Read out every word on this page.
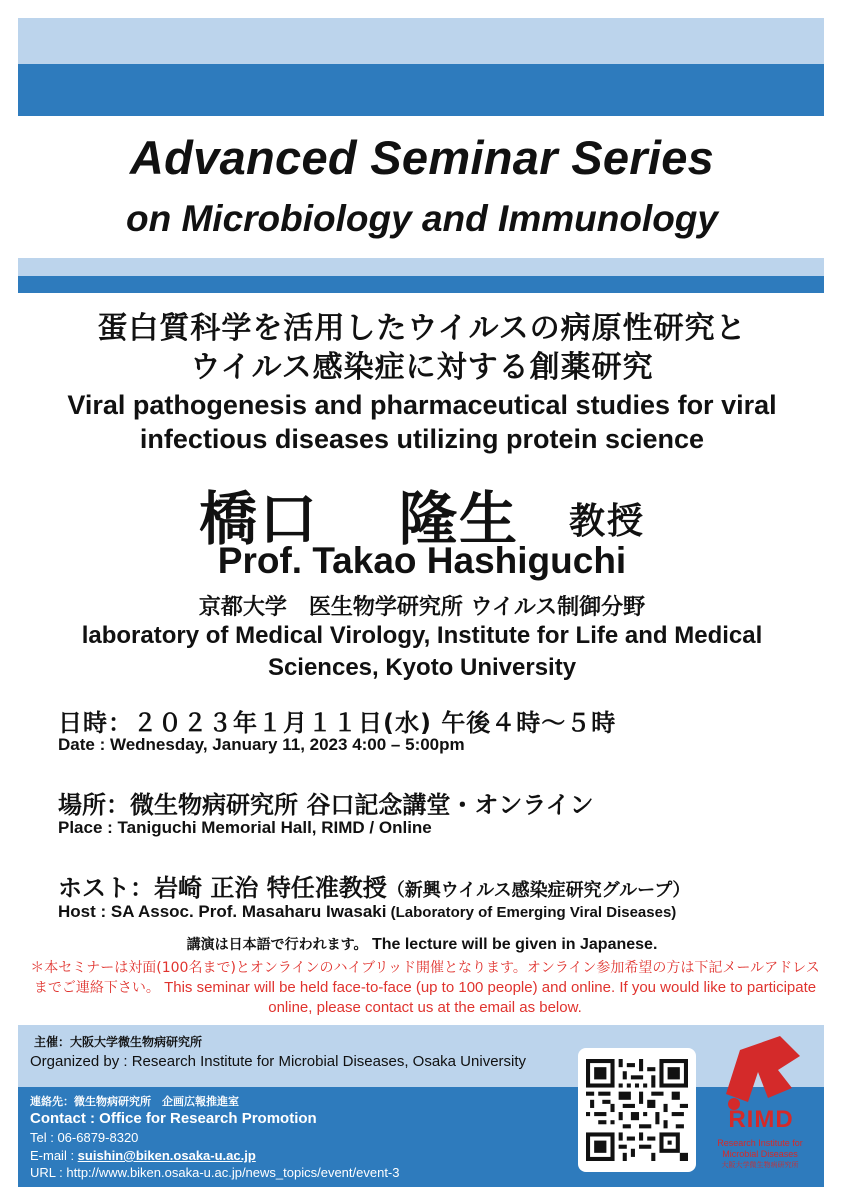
Advanced Seminar Series
on Microbiology and Immunology
蛋白質科学を活用したウイルスの病原性研究と
ウイルス感染症に対する創薬研究
Viral pathogenesis and pharmaceutical studies for viral
infectious diseases utilizing protein science
橋口 隆生 教授
Prof. Takao Hashiguchi
京都大学　医生物学研究所 ウイルス制御分野
laboratory of Medical Virology, Institute for Life and Medical
Sciences, Kyoto University
日時：２０２３年１月１１日(水) 午後４時～５時
Date : Wednesday, January 11, 2023 4:00 – 5:00pm
場所：微生物病研究所 谷口記念講堂・オンライン
Place : Taniguchi Memorial Hall, RIMD / Online
ホスト：岩崎 正治 特任准教授（新興ウイルス感染症研究グループ）
Host : SA Assoc. Prof. Masaharu Iwasaki (Laboratory of Emerging Viral Diseases)
講演は日本語で行われます。 The lecture will be given in Japanese.
＊本セミナーは対面(100名まで)とオンラインのハイブリッド開催となります。オンライン参加希望の方は下記メールアドレスまでご連絡下さい。 This seminar will be held face-to-face (up to 100 people) and online. If you would like to participate online, please contact us at the email as below.
主催：大阪大学微生物病研究所
Organized by : Research Institute for Microbial Diseases, Osaka University
連絡先：微生物病研究所　企画広報推進室
Contact : Office for Research Promotion
Tel : 06-6879-8320
E-mail : suishin@biken.osaka-u.ac.jp
URL : http://www.biken.osaka-u.ac.jp/news_topics/event/event-3
RIMD
Research Institute for
Microbial Diseases
大阪大学微生物病研究所
